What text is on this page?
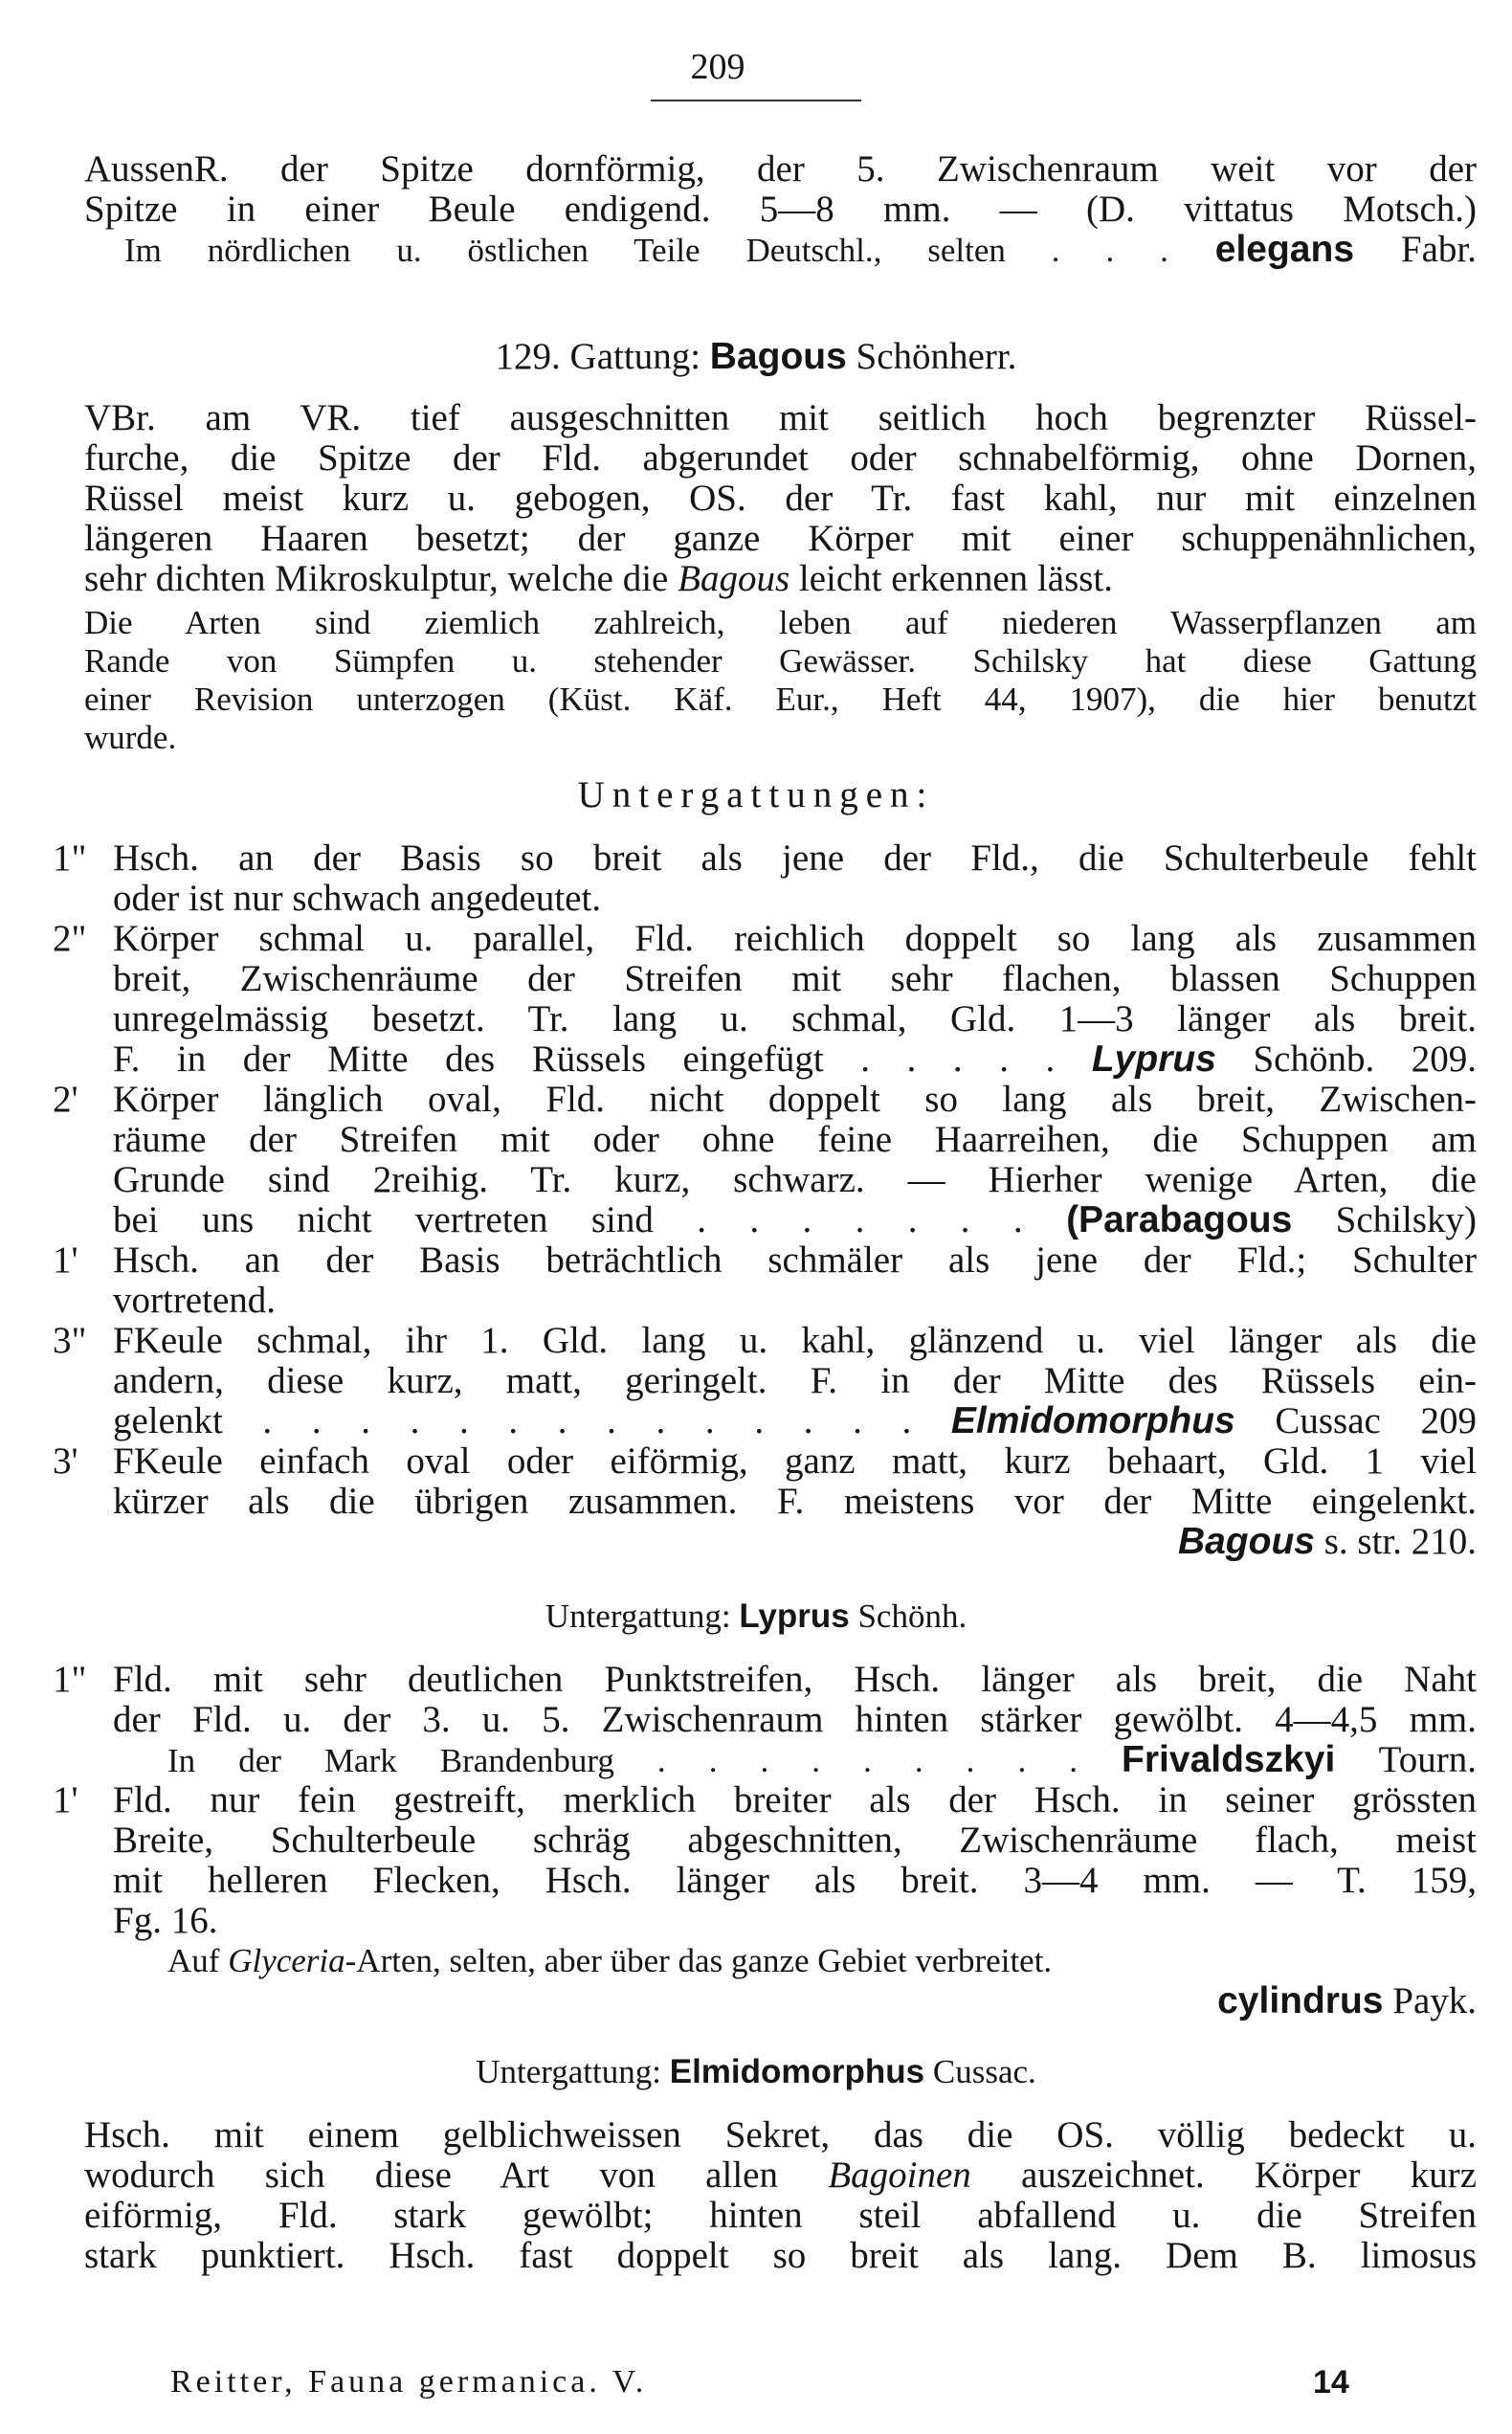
209
AussenR. der Spitze dornförmig, der 5. Zwischenraum weit vor der
Spitze in einer Beule endigend. 5—8 mm. — (D. vittatus Motsch.)
Im nördlichen u. östlichen Teile Deutschl., selten . . . elegans Fabr.
129. Gattung: Bagous Schönherr.
VBr. am VR. tief ausgeschnitten mit seitlich hoch begrenzter Rüssel-
furche, die Spitze der Fld. abgerundet oder schnabelförmig, ohne Dornen,
Rüssel meist kurz u. gebogen, OS. der Tr. fast kahl, nur mit einzelnen
längeren Haaren besetzt; der ganze Körper mit einer schuppenähnlichen,
sehr dichten Mikroskulptur, welche die Bagous leicht erkennen lässt.
Die Arten sind ziemlich zahlreich, leben auf niederen Wasserpflanzen am
Rande von Sümpfen u. stehender Gewässer. Schilsky hat diese Gattung
einer Revision unterzogen (Küst. Käf. Eur., Heft 44, 1907), die hier benutzt
wurde.
Untergattungen:
1" Hsch. an der Basis so breit als jene der Fld., die Schulterbeule fehlt
oder ist nur schwach angedeutet.
2" Körper schmal u. parallel, Fld. reichlich doppelt so lang als zusammen
breit, Zwischenräume der Streifen mit sehr flachen, blassen Schuppen
unregelmässig besetzt. Tr. lang u. schmal, Gld. 1—3 länger als breit.
F. in der Mitte des Rüssels eingefügt . . . . . Lyprus Schönb. 209.
2' Körper länglich oval, Fld. nicht doppelt so lang als breit, Zwischen-
räume der Streifen mit oder ohne feine Haarreihen, die Schuppen am
Grunde sind 2reihig. Tr. kurz, schwarz. — Hierher wenige Arten, die
bei uns nicht vertreten sind . . . . . . . (Parabagous Schilsky)
1' Hsch. an der Basis beträchtlich schmäler als jene der Fld.; Schulter
vortretend.
3" FKeule schmal, ihr 1. Gld. lang u. kahl, glänzend u. viel länger als die
andern, diese kurz, matt, geringelt. F. in der Mitte des Rüssels ein-
gelenkt . . . . . . . . . . . . . . Elmidomorphus Cussac 209
3' FKeule einfach oval oder eiförmig, ganz matt, kurz behaart, Gld. 1 viel
kürzer als die übrigen zusammen. F. meistens vor der Mitte eingelenkt.
Bagous s. str. 210.
Untergattung: Lyprus Schönh.
1" Fld. mit sehr deutlichen Punktstreifen, Hsch. länger als breit, die Naht
der Fld. u. der 3. u. 5. Zwischenraum hinten stärker gewölbt. 4—4,5 mm.
In der Mark Brandenburg . . . . . . . . . Frivaldszkyi Tourn.
1' Fld. nur fein gestreift, merklich breiter als der Hsch. in seiner grössten
Breite, Schulterbeule schräg abgeschnitten, Zwischenräume flach, meist
mit helleren Flecken, Hsch. länger als breit. 3—4 mm. — T. 159,
Fg. 16.
Auf Glyceria-Arten, selten, aber über das ganze Gebiet verbreitet.
cylindrus Payk.
Untergattung: Elmidomorphus Cussac.
Hsch. mit einem gelblichweissen Sekret, das die OS. völlig bedeckt u.
wodurch sich diese Art von allen Bagoinen auszeichnet. Körper kurz
eiförmig, Fld. stark gewölbt; hinten steil abfallend u. die Streifen
stark punktiert. Hsch. fast doppelt so breit als lang. Dem B. limosus
Reitter, Fauna germanica. V.	14
